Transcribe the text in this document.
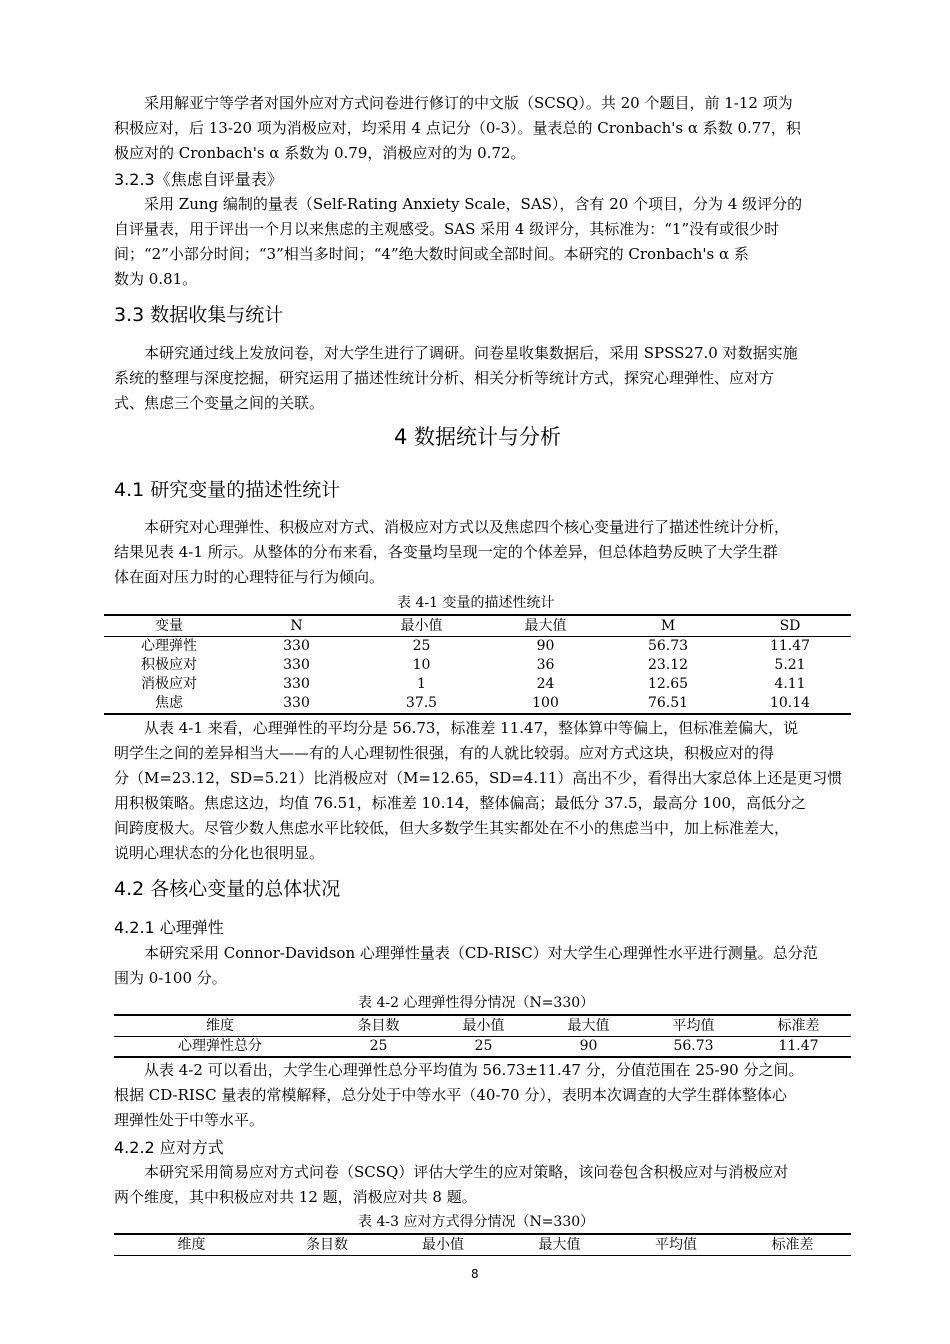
　　采用解亚宁等学者对国外应对方式问卷进行修订的中文版（SCSQ）。共 20 个题目，前 1-12 项为
积极应对，后 13-20 项为消极应对，均采用 4 点记分（0-3）。量表总的 Cronbach's α 系数 0.77，积
极应对的 Cronbach's α 系数为 0.79，消极应对的为 0.72。
3.2.3《焦虑自评量表》
　　采用 Zung 编制的量表（Self-Rating Anxiety Scale，SAS），含有 20 个项目，分为 4 级评分的
自评量表，用于评出一个月以来焦虑的主观感受。SAS 采用 4 级评分，其标准为：“1”没有或很少时
间；“2”小部分时间；“3”相当多时间；“4”绝大数时间或全部时间。本研究的 Cronbach's α 系
数为 0.81。
3.3 数据收集与统计
　　本研究通过线上发放问卷，对大学生进行了调研。问卷星收集数据后，采用 SPSS27.0 对数据实施
系统的整理与深度挖掘，研究运用了描述性统计分析、相关分析等统计方式，探究心理弹性、应对方
式、焦虑三个变量之间的关联。
4 数据统计与分析
4.1 研究变量的描述性统计
　　本研究对心理弹性、积极应对方式、消极应对方式以及焦虑四个核心变量进行了描述性统计分析，
结果见表 4-1 所示。从整体的分布来看，各变量均呈现一定的个体差异，但总体趋势反映了大学生群
体在面对压力时的心理特征与行为倾向。
表 4-1 变量的描述性统计
变量	N	最小值	最大值	M	SD
心理弹性	330	25	90	56.73	11.47
积极应对	330	10	36	23.12	5.21
消极应对	330	1	24	12.65	4.11
焦虑	330	37.5	100	76.51	10.14
　　从表 4-1 来看，心理弹性的平均分是 56.73，标准差 11.47，整体算中等偏上，但标准差偏大，说
明学生之间的差异相当大——有的人心理韧性很强，有的人就比较弱。应对方式这块，积极应对的得
分（M=23.12，SD=5.21）比消极应对（M=12.65，SD=4.11）高出不少，看得出大家总体上还是更习惯
用积极策略。焦虑这边，均值 76.51，标准差 10.14，整体偏高；最低分 37.5，最高分 100，高低分之
间跨度极大。尽管少数人焦虑水平比较低，但大多数学生其实都处在不小的焦虑当中，加上标准差大，
说明心理状态的分化也很明显。
4.2 各核心变量的总体状况
4.2.1 心理弹性
　　本研究采用 Connor-Davidson 心理弹性量表（CD-RISC）对大学生心理弹性水平进行测量。总分范
围为 0-100 分。
表 4-2 心理弹性得分情况（N=330）
维度	条目数	最小值	最大值	平均值	标准差
心理弹性总分	25	25	90	56.73	11.47
　　从表 4-2 可以看出，大学生心理弹性总分平均值为 56.73±11.47 分，分值范围在 25-90 分之间。
根据 CD-RISC 量表的常模解释，总分处于中等水平（40-70 分），表明本次调查的大学生群体整体心
理弹性处于中等水平。
4.2.2 应对方式
　　本研究采用简易应对方式问卷（SCSQ）评估大学生的应对策略，该问卷包含积极应对与消极应对
两个维度，其中积极应对共 12 题，消极应对共 8 题。
表 4-3 应对方式得分情况（N=330）
维度	条目数	最小值	最大值	平均值	标准差
8
